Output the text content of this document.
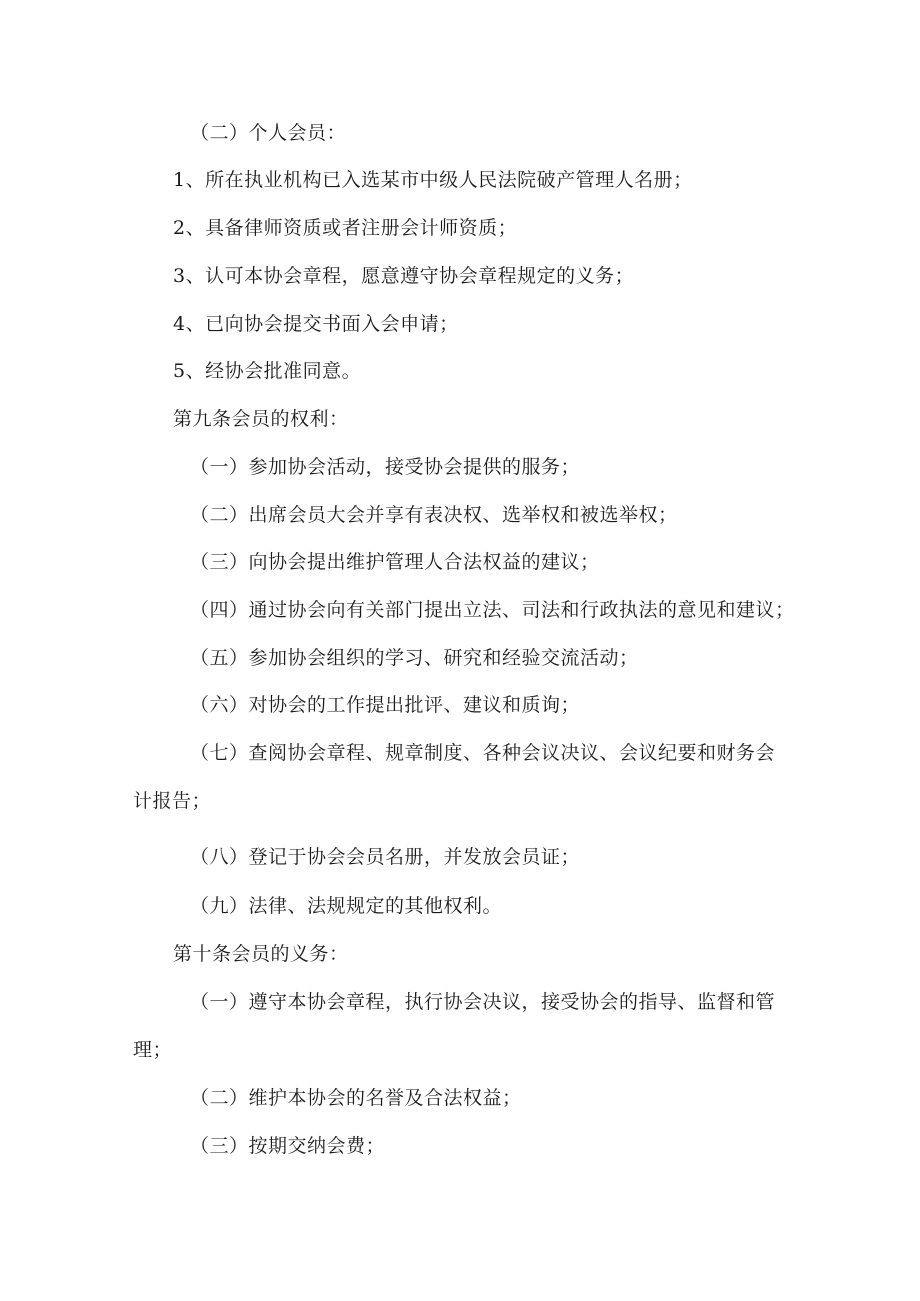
（二）个人会员：
1、所在执业机构已入选某市中级人民法院破产管理人名册；
2、具备律师资质或者注册会计师资质；
3、认可本协会章程，愿意遵守协会章程规定的义务；
4、已向协会提交书面入会申请；
5、经协会批准同意。
第九条会员的权利：
（一）参加协会活动，接受协会提供的服务；
（二）出席会员大会并享有表决权、选举权和被选举权；
（三）向协会提出维护管理人合法权益的建议；
（四）通过协会向有关部门提出立法、司法和行政执法的意见和建议；
（五）参加协会组织的学习、研究和经验交流活动；
（六）对协会的工作提出批评、建议和质询；
（七）查阅协会章程、规章制度、各种会议决议、会议纪要和财务会
计报告；
（八）登记于协会会员名册，并发放会员证；
（九）法律、法规规定的其他权利。
第十条会员的义务：
（一）遵守本协会章程，执行协会决议，接受协会的指导、监督和管
理；
（二）维护本协会的名誉及合法权益；
（三）按期交纳会费；
